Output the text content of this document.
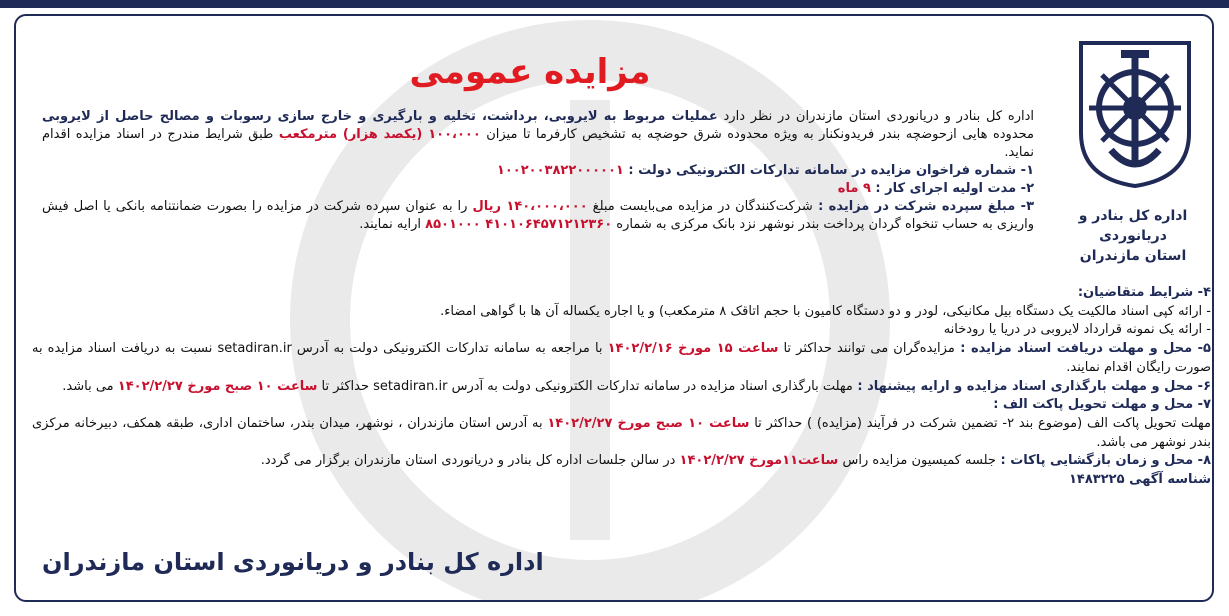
اداره کل بنادر و دریانوردی
استان مازندران
مزایده عمومی

اداره کل بنادر و دریانوردی استان مازندران در نظر دارد عملیات مربوط به لایروبی، برداشت، تخلیه و بارگیری و خارج سازی رسوبات و مصالح حاصل از لایروبی محدوده هایی ازحوضچه بندر فریدونکنار به ویژه محدوده شرق حوضچه به تشخیص کارفرما تا میزان ۱۰۰،۰۰۰ (یکصد هزار) مترمکعب طبق شرایط مندرج در اسناد مزایده اقدام نماید.

۱- شماره فراخوان مزایده در سامانه تدارکات الکترونیکی دولت : ۱۰۰۲۰۰۳۸۲۲۰۰۰۰۰۱

۲- مدت اولیه اجرای کار : ۹ ماه

۳- مبلغ سپرده شرکت در مزایده : شرکت‌کنندگان در مزایده می‌بایست مبلغ ۱۴۰،۰۰۰،۰۰۰ ریال را به عنوان سپرده شرکت در مزایده را بصورت ضمانتنامه بانکی یا اصل فیش واریزی به حساب تنخواه گردان پرداخت بندر نوشهر نزد بانک مرکزی به شماره ۴۱۰۱۰۶۴۵۷۱۲۱۲۳۶۰ ۸۵۰۱۰۰۰ ارایه نمایند.

۴- شرایط متقاضیان:

- ارائه کپی اسناد مالکیت یک دستگاه بیل مکانیکی، لودر و دو دستگاه کامیون با حجم اتاقک ۸ مترمکعب) و یا اجاره یکساله آن ها با گواهی امضاء.

- ارائه یک نمونه قرارداد لایروبی در دریا یا رودخانه

۵- محل و مهلت دریافت اسناد مزایده : مزایده‌گران می توانند حداکثر تا ساعت ۱۵ مورخ ۱۴۰۲/۲/۱۶ با مراجعه به سامانه تدارکات الکترونیکی دولت به آدرس setadiran.ir نسبت به دریافت اسناد مزایده به صورت رایگان اقدام نمایند.

۶- محل و مهلت بارگذاری اسناد مزایده و ارایه پیشنهاد : مهلت بارگذاری اسناد مزایده در سامانه تدارکات الکترونیکی دولت به آدرس setadiran.ir حداکثر تا ساعت ۱۰ صبح مورخ ۱۴۰۲/۲/۲۷ می باشد.

۷- محل و مهلت تحویل پاکت الف :

مهلت تحویل پاکت الف (موضوع بند ۲- تضمین شرکت در فرآیند (مزایده) ) حداکثر تا ساعت ۱۰ صبح مورخ ۱۴۰۲/۲/۲۷ به آدرس استان مازندران ، نوشهر، میدان بندر، ساختمان اداری، طبقه همکف، دبیرخانه مرکزی بندر نوشهر می باشد.

۸- محل و زمان بازگشایی پاکات : جلسه کمیسیون مزایده راس ساعت۱۱مورخ ۱۴۰۲/۲/۲۷ در سالن جلسات اداره کل بنادر و دریانوردی استان مازندران برگزار می گردد.

شناسه آگهی ۱۴۸۳۲۲۵

اداره کل بنادر و دریانوردی استان مازندران
